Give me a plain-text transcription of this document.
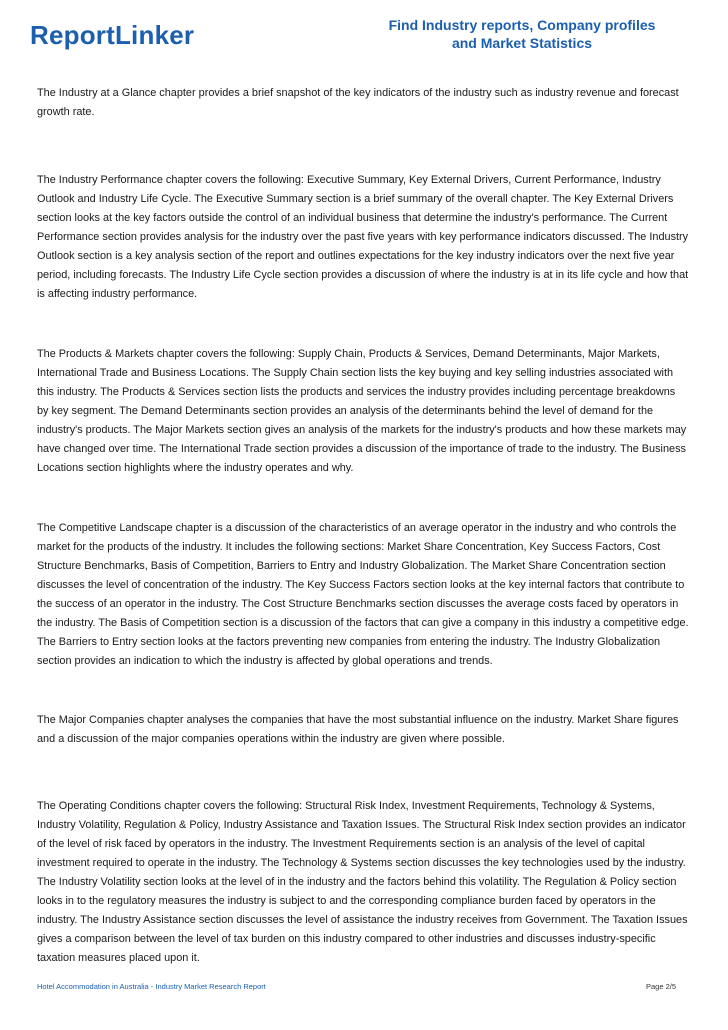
ReportLinker	Find Industry reports, Company profiles
and Market Statistics

The Industry at a Glance chapter provides a brief snapshot of the key indicators of the industry such as industry revenue and forecast growth rate.

The Industry Performance chapter covers the following: Executive Summary, Key External Drivers, Current Performance, Industry Outlook and Industry Life Cycle. The Executive Summary section is a brief summary of the overall chapter. The Key External Drivers section looks at the key factors outside the control of an individual business that determine the industry's performance. The Current Performance section provides analysis for the industry over the past five years with key performance indicators discussed. The Industry Outlook section is a key analysis section of the report and outlines expectations for the key industry indicators over the next five year period, including forecasts. The Industry Life Cycle section provides a discussion of where the industry is at in its life cycle and how that is affecting industry performance.

The Products & Markets chapter covers the following: Supply Chain, Products & Services, Demand Determinants, Major Markets, International Trade and Business Locations. The Supply Chain section lists the key buying and key selling industries associated with this industry. The Products & Services section lists the products and services the industry provides including percentage breakdowns by key segment. The Demand Determinants section provides an analysis of the determinants behind the level of demand for the industry's products. The Major Markets section gives an analysis of the markets for the industry's products and how these markets may have changed over time. The International Trade section provides a discussion of the importance of trade to the industry. The Business Locations section highlights where the industry operates and why.

The Competitive Landscape chapter is a discussion of the characteristics of an average operator in the industry and who controls the market for the products of the industry. It includes the following sections: Market Share Concentration, Key Success Factors, Cost Structure Benchmarks, Basis of Competition, Barriers to Entry and Industry Globalization. The Market Share Concentration section discusses the level of concentration of the industry. The Key Success Factors section looks at the key internal factors that contribute to the success of an operator in the industry. The Cost Structure Benchmarks section discusses the average costs faced by operators in the industry. The Basis of Competition section is a discussion of the factors that can give a company in this industry a competitive edge. The Barriers to Entry section looks at the factors preventing new companies from entering the industry. The Industry Globalization section provides an indication to which the industry is affected by global operations and trends.

The Major Companies chapter analyses the companies that have the most substantial influence on the industry. Market Share figures and a discussion of the major companies operations within the industry are given where possible.

The Operating Conditions chapter covers the following: Structural Risk Index, Investment Requirements, Technology & Systems, Industry Volatility, Regulation & Policy, Industry Assistance and Taxation Issues. The Structural Risk Index section provides an indicator of the level of risk faced by operators in the industry. The Investment Requirements section is an analysis of the level of capital investment required to operate in the industry. The Technology & Systems section discusses the key technologies used by the industry. The Industry Volatility section looks at the level of in the industry and the factors behind this volatility. The Regulation & Policy section looks in to the regulatory measures the industry is subject to and the corresponding compliance burden faced by operators in the industry. The Industry Assistance section discusses the level of assistance the industry receives from Government. The Taxation Issues gives a comparison between the level of tax burden on this industry compared to other industries and discusses industry-specific taxation measures placed upon it.

Hotel Accommodation in Australia - Industry Market Research Report	Page 2/5
